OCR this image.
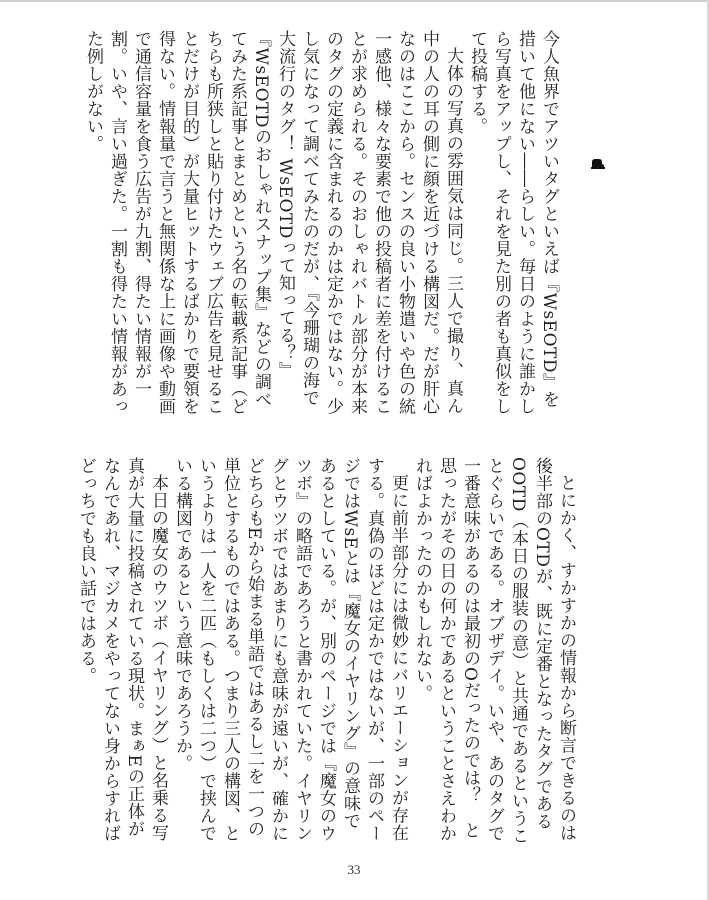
今人魚界でアツいタグといえば『WsEOTD』を措いて他にない――らしい。毎日のように誰かしら写真をアップし、それを見た別の者も真似をして投稿する。

大体の写真の雰囲気は同じ。三人で撮り、真ん中の人の耳の側に顔を近づける構図だ。だが肝心なのはここから。センスの良い小物遣いや色の統一感他、様々な要素で他の投稿者に差を付けることが求められる。そのおしゃれバトル部分が本来のタグの定義に含まれるのかは定かではない。少し気になって調べてみたのだが、『今珊瑚の海で大流行のタグ！ WsEOTDって知ってる？』『WsEOTDのおしゃれスナップ集』などの調べてみた系記事とまとめという名の転載系記事（どちらも所狭しと貼り付けたウェブ広告を見せることだけが目的）が大量ヒットするばかりで要領を得ない。情報量で言うと無関係な上に画像や動画で通信容量を食う広告が九割、得たい情報が一割。いや、言い過ぎた。一割も得たい情報があった例しがない。

とにかく、すかすかの情報から断言できるのは後半部のOTDが、既に定番となったタグであるOOTD（本日の服装の意）と共通であるということぐらいである。オブザデイ。いや、あのタグで一番意味があるのは最初のOだったのでは？　と思ったがその日の何かであるということさえわかればよかったのかもしれない。

更に前半部分には微妙にバリエーションが存在する。真偽のほどは定かではないが、一部のページではWsEとは『魔女のイヤリング』の意味であるとしている。が、別のページでは『魔女のウツボ』の略語であろうと書かれていた。イヤリングとウツボではあまりにも意味が遠いが、確かにどちらもEから始まる単語ではあるし二を一つの単位とするものではある。つまり三人の構図、というよりは一人を二匹（もしくは二つ）で挟んでいる構図であるという意味であろうか。

本日の魔女のウツボ（イヤリング）と名乗る写真が大量に投稿されている現状。まぁEの正体がなんであれ、マジカメをやってない身からすればどっちでも良い話ではある。

33
